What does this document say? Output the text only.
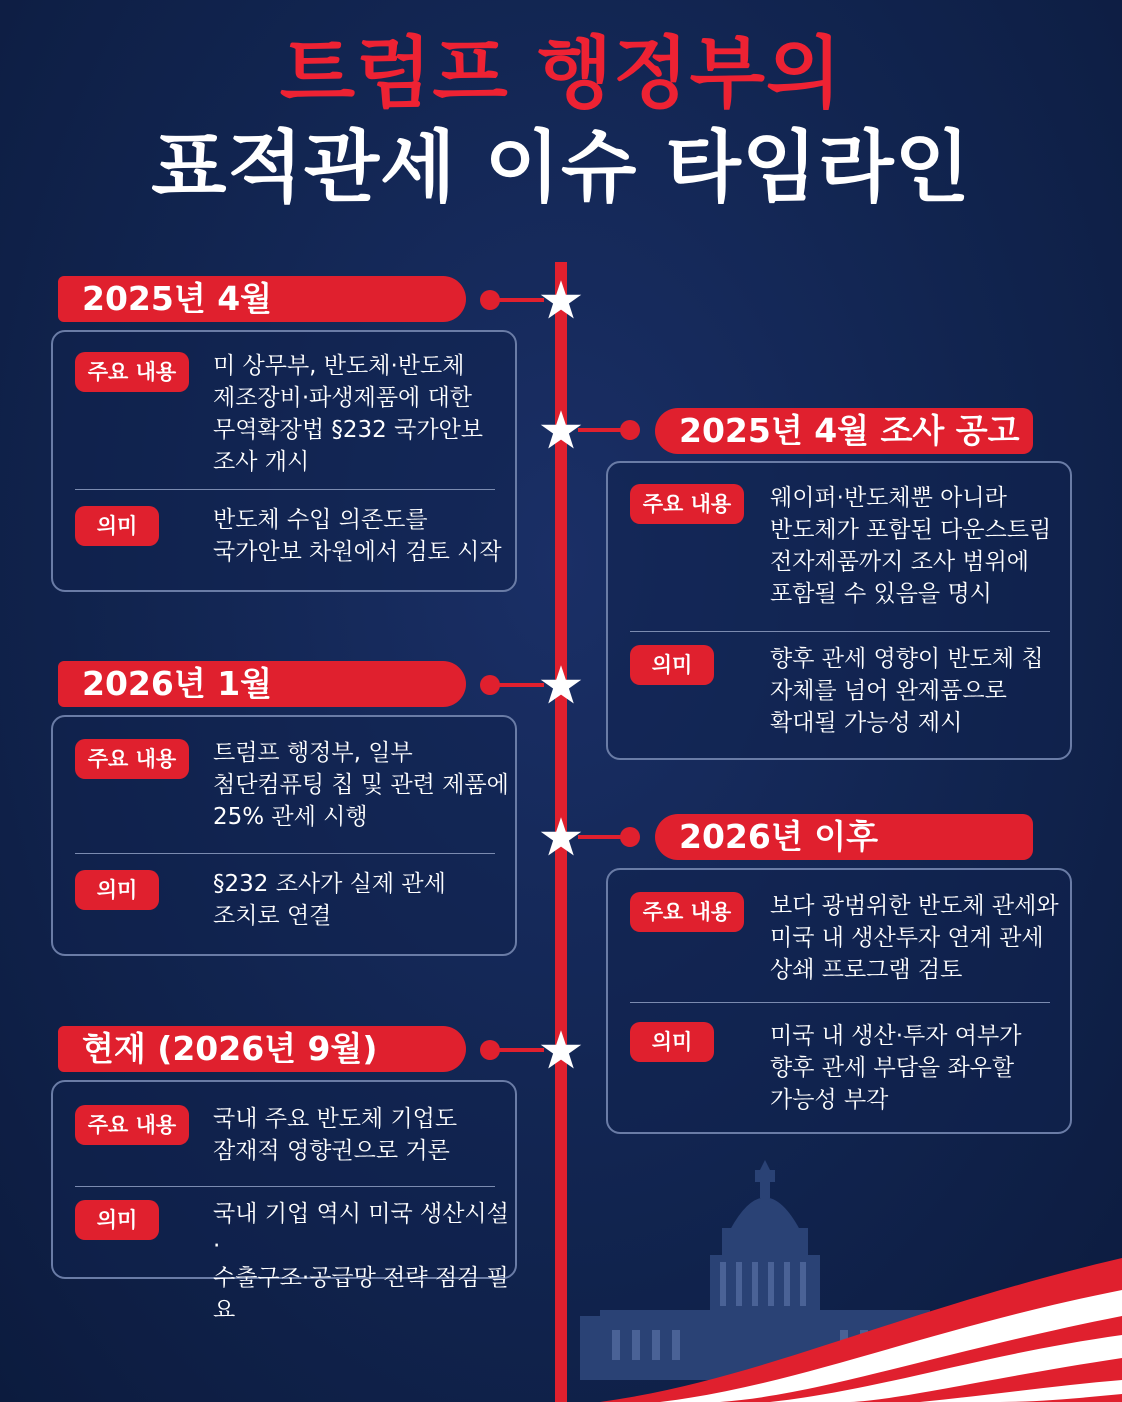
트럼프 행정부의
표적관세 이슈 타임라인
2025년 4월
주요 내용	미 상무부, 반도체·반도체
제조장비·파생제품에 대한
무역확장법 §232 국가안보
조사 개시
의미	반도체 수입 의존도를
국가안보 차원에서 검토 시작
2025년 4월 조사 공고
주요 내용	웨이퍼·반도체뿐 아니라
반도체가 포함된 다운스트림
전자제품까지 조사 범위에
포함될 수 있음을 명시
의미	향후 관세 영향이 반도체 칩
자체를 넘어 완제품으로
확대될 가능성 제시
2026년 1월
주요 내용	트럼프 행정부, 일부
첨단컴퓨팅 칩 및 관련 제품에
25% 관세 시행
의미	§232 조사가 실제 관세
조치로 연결
2026년 이후
주요 내용	보다 광범위한 반도체 관세와
미국 내 생산투자 연계 관세
상쇄 프로그램 검토
의미	미국 내 생산·투자 여부가
향후 관세 부담을 좌우할
가능성 부각
현재 (2026년 9월)
주요 내용	국내 주요 반도체 기업도
잠재적 영향권으로 거론
의미	국내 기업 역시 미국 생산시설·
수출구조·공급망 전략 점검 필요
